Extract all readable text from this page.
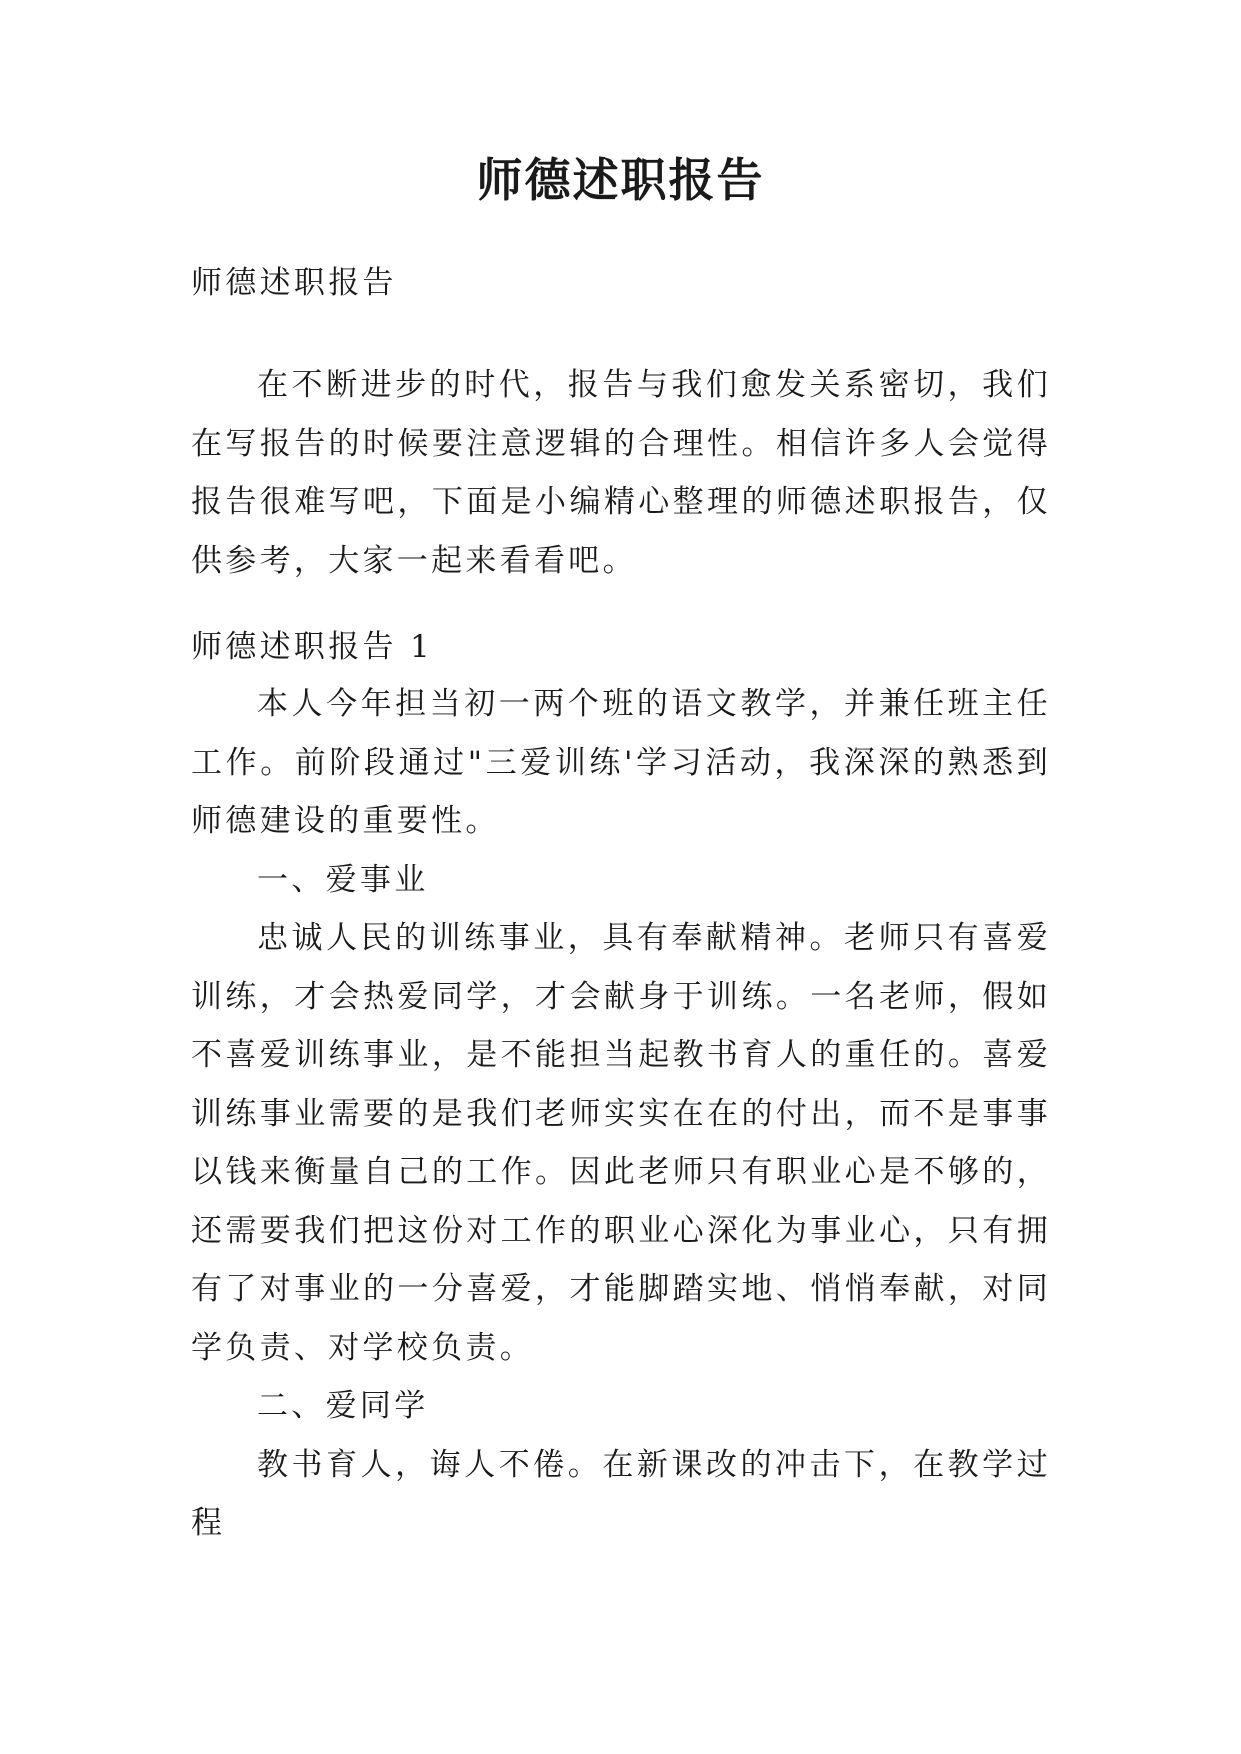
师德述职报告
师德述职报告

在不断进步的时代，报告与我们愈发关系密切，我们在写报告的时候要注意逻辑的合理性。相信许多人会觉得报告很难写吧，下面是小编精心整理的师德述职报告，仅供参考，大家一起来看看吧。

师德述职报告 1

本人今年担当初一两个班的语文教学，并兼任班主任工作。前阶段通过"三爱训练'学习活动，我深深的熟悉到师德建设的重要性。

一、爱事业

忠诚人民的训练事业，具有奉献精神。老师只有喜爱训练，才会热爱同学，才会献身于训练。一名老师，假如不喜爱训练事业，是不能担当起教书育人的重任的。喜爱训练事业需要的是我们老师实实在在的付出，而不是事事以钱来衡量自己的工作。因此老师只有职业心是不够的，还需要我们把这份对工作的职业心深化为事业心，只有拥有了对事业的一分喜爱，才能脚踏实地、悄悄奉献，对同学负责、对学校负责。

二、爱同学

教书育人，诲人不倦。在新课改的冲击下，在教学过程
